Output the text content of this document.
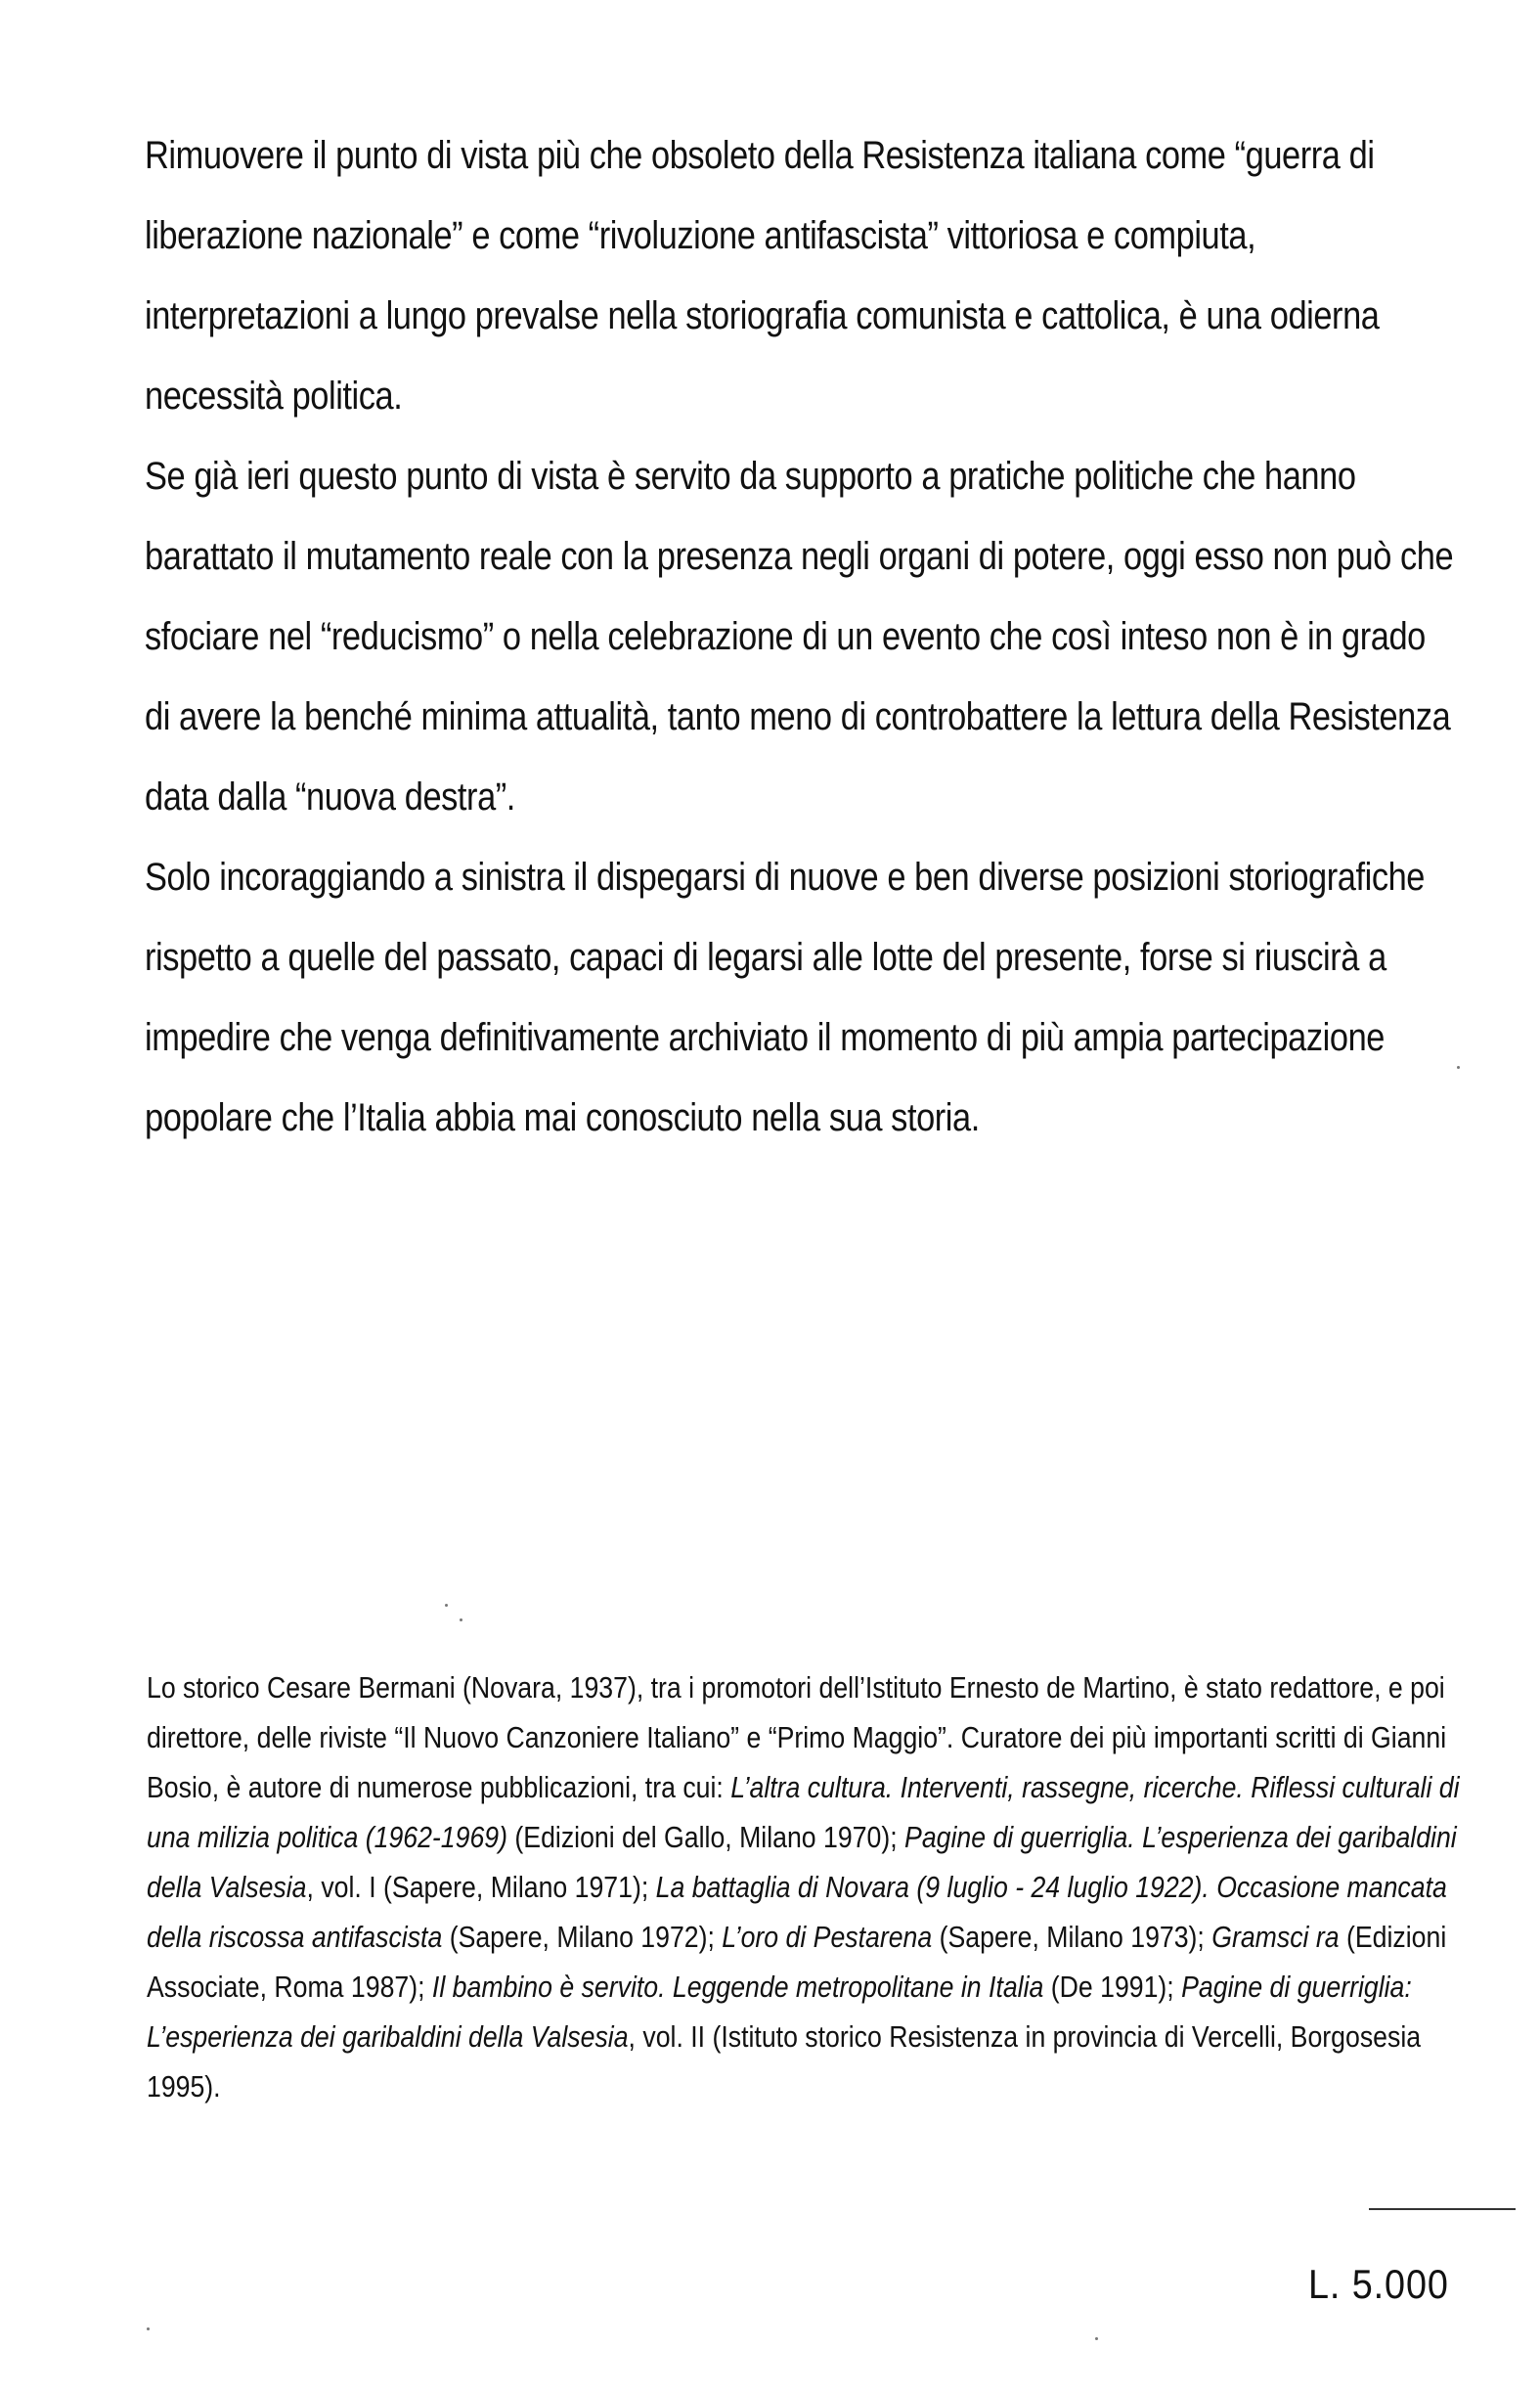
Rimuovere il punto di vista più che obsoleto della Resistenza italiana come “guerra di liberazione nazionale” e come “rivoluzione antifascista” vittoriosa e compiuta, interpretazioni a lungo prevalse nella storiografia comunista e cattolica, è una odierna necessità politica.

Se già ieri questo punto di vista è servito da supporto a pratiche politiche che hanno barattato il mutamento reale con la presenza negli organi di potere, oggi esso non può che sfociare nel “reducismo” o nella celebrazione di un evento che così inteso non è in grado di avere la benché minima attualità, tanto meno di controbattere la lettura della Resistenza data dalla “nuova destra”.

Solo incoraggiando a sinistra il dispegarsi di nuove e ben diverse posizioni storiografiche rispetto a quelle del passato, capaci di legarsi alle lotte del presente, forse si riuscirà a impedire che venga definitivamente archiviato il momento di più ampia partecipazione popolare che l’Italia abbia mai conosciuto nella sua storia.

Lo storico Cesare Bermani (Novara, 1937), tra i promotori dell’Istituto Ernesto de Martino, è stato redattore, e poi direttore, delle riviste “Il Nuovo Canzoniere Italiano” e “Primo Maggio”. Curatore dei più importanti scritti di Gianni Bosio, è autore di numerose pubblicazioni, tra cui: L’altra cultura. Interventi, rassegne, ricerche. Riflessi culturali di una milizia politica (1962-1969) (Edizioni del Gallo, Milano 1970); Pagine di guerriglia. L’esperienza dei garibaldini della Valsesia, vol. I (Sapere, Milano 1971); La battaglia di Novara (9 luglio - 24 luglio 1922). Occasione mancata della riscossa antifascista (Sapere, Milano 1972); L’oro di Pestarena (Sapere, Milano 1973); Gramsci ra (Edizioni Associate, Roma 1987); Il bambino è servito. Leggende metropolitane in Italia (De 1991); Pagine di guerriglia: L’esperienza dei garibaldini della Valsesia, vol. II (Istituto storico Resistenza in provincia di Vercelli, Borgosesia 1995).

L. 5.000
